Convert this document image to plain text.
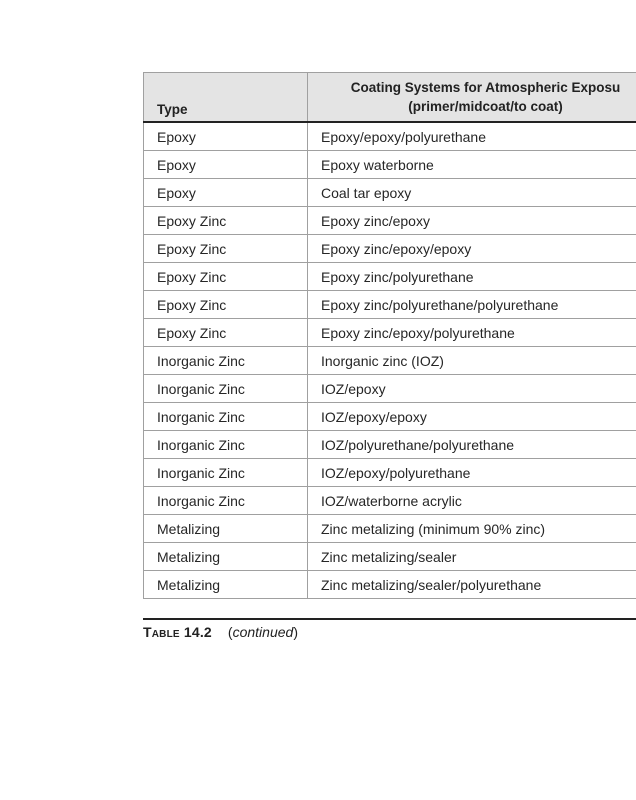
Type	Coating Systems for Atmospheric Exposu
(primer/midcoat/to coat)

Epoxy	Epoxy/epoxy/polyurethane
Epoxy	Epoxy waterborne
Epoxy	Coal tar epoxy
Epoxy Zinc	Epoxy zinc/epoxy
Epoxy Zinc	Epoxy zinc/epoxy/epoxy
Epoxy Zinc	Epoxy zinc/polyurethane
Epoxy Zinc	Epoxy zinc/polyurethane/polyurethane
Epoxy Zinc	Epoxy zinc/epoxy/polyurethane
Inorganic Zinc	Inorganic zinc (IOZ)
Inorganic Zinc	IOZ/epoxy
Inorganic Zinc	IOZ/epoxy/epoxy
Inorganic Zinc	IOZ/polyurethane/polyurethane
Inorganic Zinc	IOZ/epoxy/polyurethane
Inorganic Zinc	IOZ/waterborne acrylic
Metalizing	Zinc metalizing (minimum 90% zinc)
Metalizing	Zinc metalizing/sealer
Metalizing	Zinc metalizing/sealer/polyurethane
Table 14.2 (continued)
